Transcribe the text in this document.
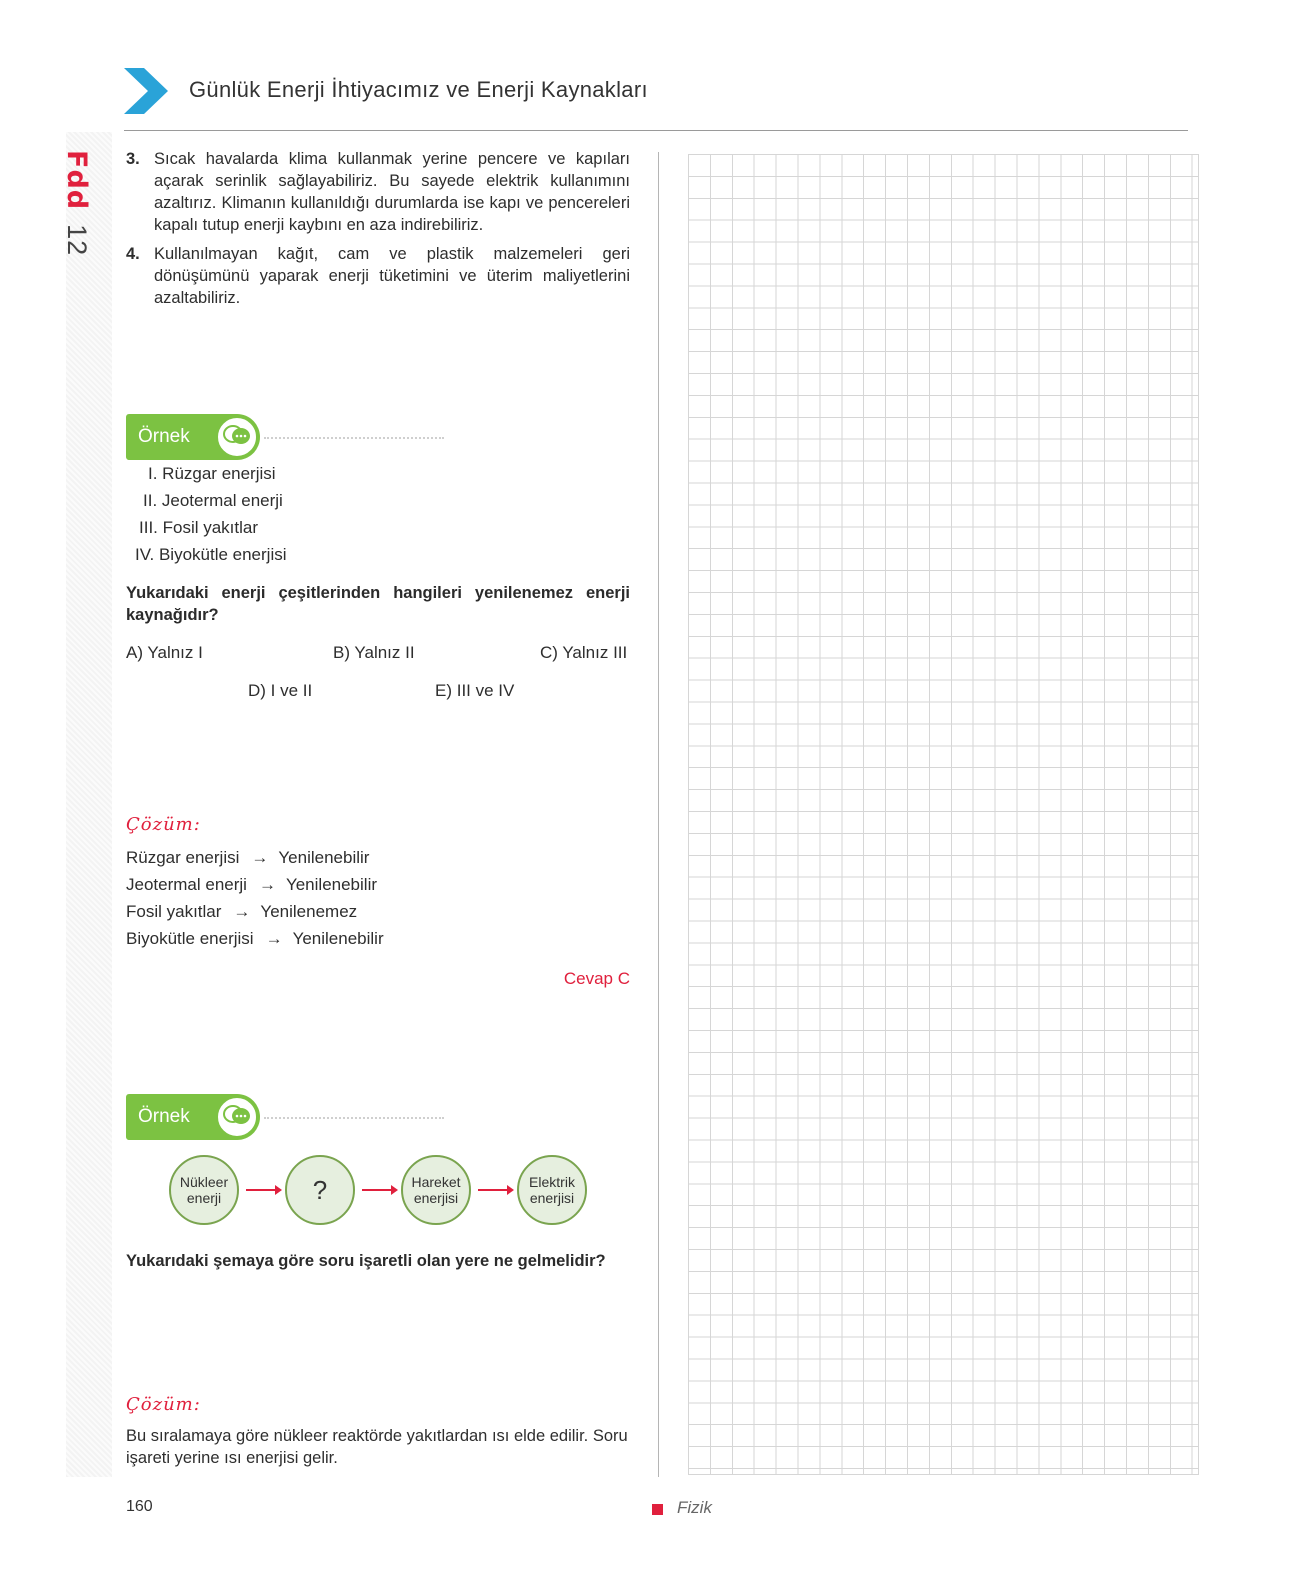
Günlük Enerji İhtiyacımız ve Enerji Kaynakları
Fdd12
3. Sıcak havalarda klima kullanmak yerine pencere ve kapıları açarak serinlik sağlayabiliriz. Bu sayede elektrik kullanımını azaltırız. Klimanın kullanıldığı durumlarda ise kapı ve pencereleri kapalı tutup enerji kaybını en aza indirebiliriz.
4. Kullanılmayan kağıt, cam ve plastik malzemeleri geri dönüşümünü yaparak enerji tüketimini ve üterim maliyetlerini azaltabiliriz.
Örnek
I. Rüzgar enerjisi
II. Jeotermal enerji
III. Fosil yakıtlar
IV. Biyokütle enerjisi
Yukarıdaki enerji çeşitlerinden hangileri yenilenemez enerji kaynağıdır?
A) Yalnız I	B) Yalnız II	C) Yalnız III
D) I ve II	E) III ve IV
Çözüm:
Rüzgar enerjisi → Yenilenebilir
Jeotermal enerji → Yenilenebilir
Fosil yakıtlar → Yenilenemez
Biyokütle enerjisi → Yenilenebilir
Cevap C
Örnek
Nükleer enerji	?	Hareket enerjisi
Elektrik enerjisi
Yukarıdaki şemaya göre soru işaretli olan yere ne gelmelidir?
Çözüm:
Bu sıralamaya göre nükleer reaktörde yakıtlardan ısı elde edilir. Soru işareti yerine ısı enerjisi gelir.
160	Fizik
